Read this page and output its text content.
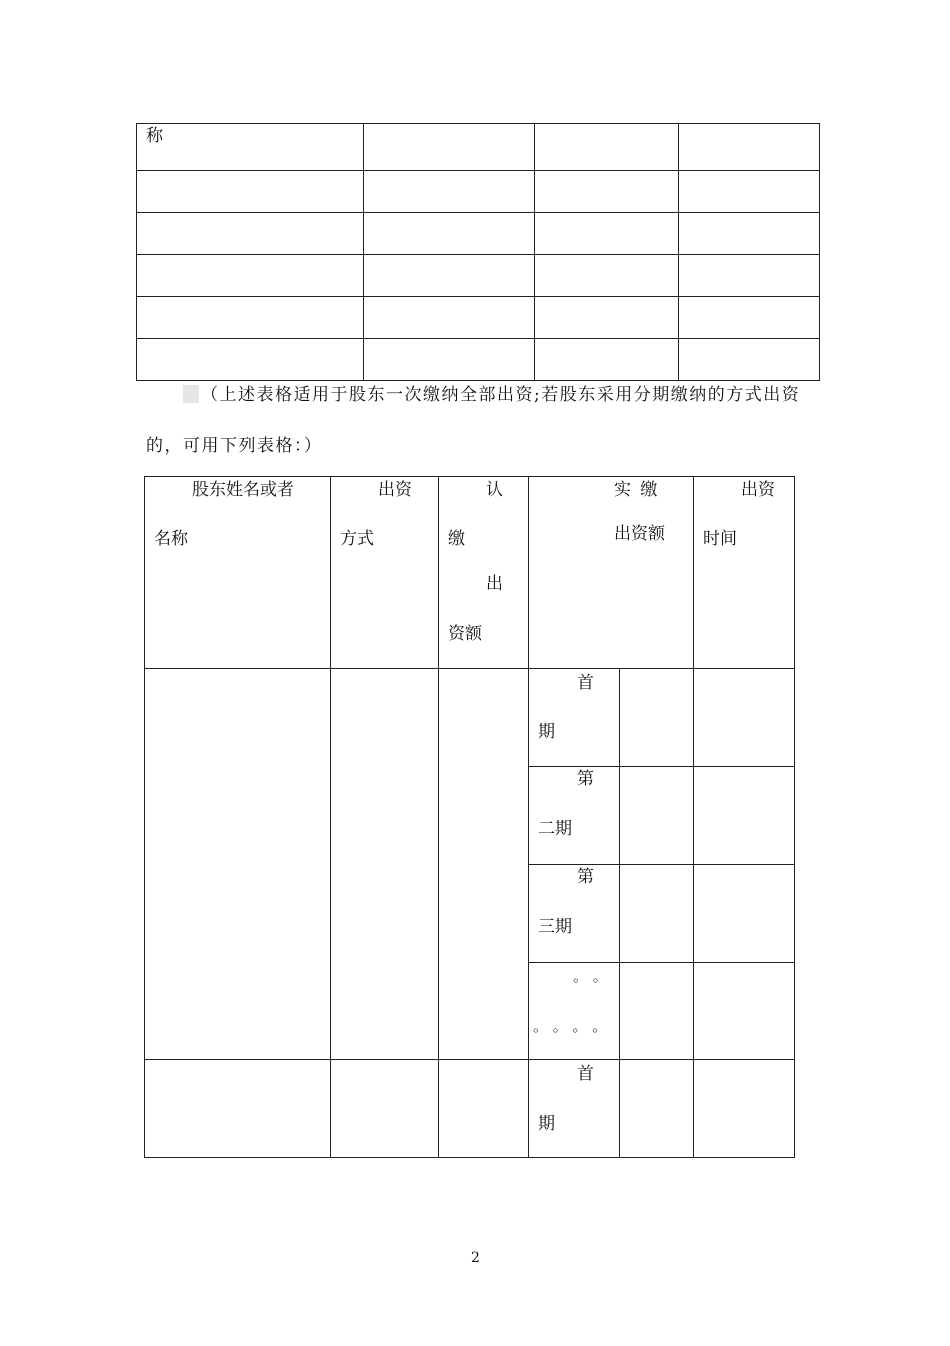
称
（上述表格适用于股东一次缴纳全部出资;若股东采用分期缴纳的方式出资
的，可用下列表格：）
股东姓名或者
名称
出资
方式
认
缴
出
资额
实 缴
出资额
出资
时间
首
期
第
二期
第
三期
。 。
。 。 。 。
首
期
2
